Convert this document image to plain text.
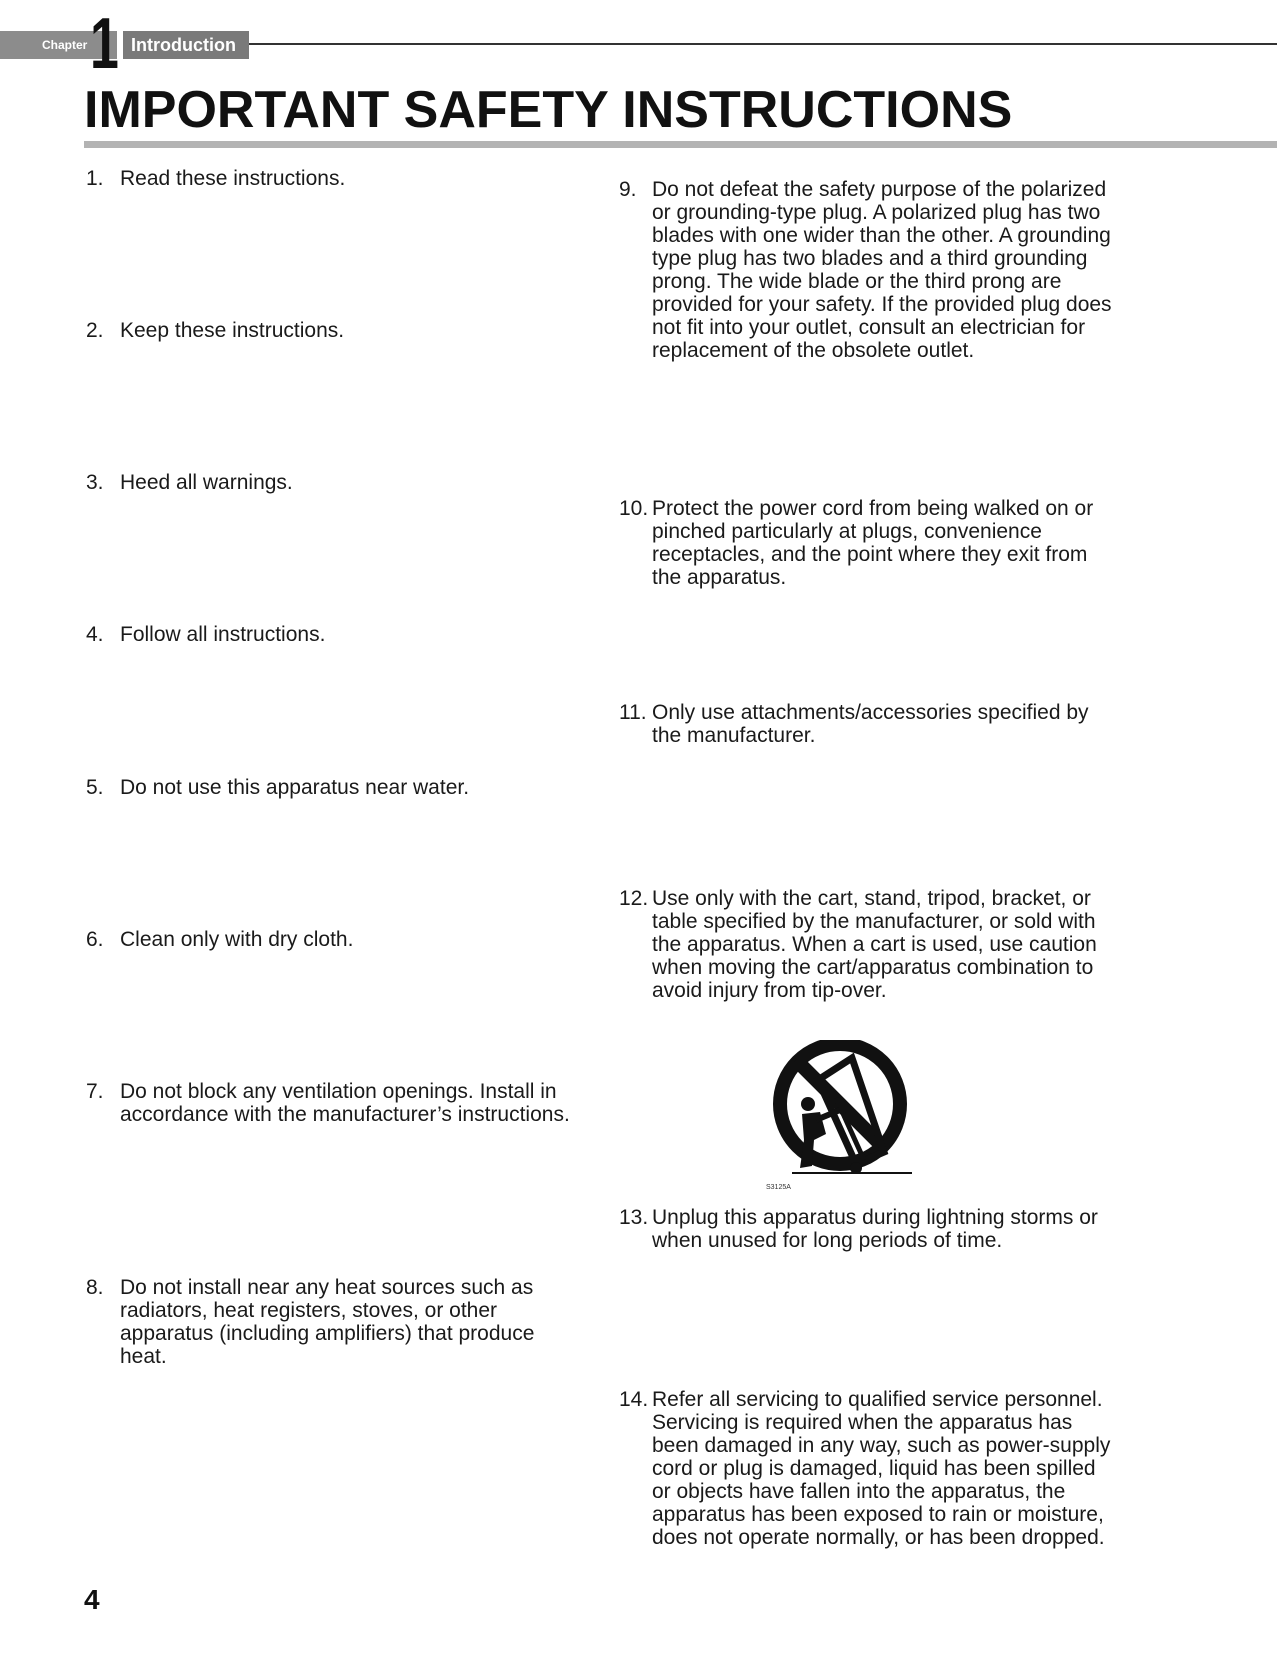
Chapter 1 Introduction
IMPORTANT SAFETY INSTRUCTIONS
1. Read these instructions.
2. Keep these instructions.
3. Heed all warnings.
4. Follow all instructions.
5. Do not use this apparatus near water.
6. Clean only with dry cloth.
7. Do not block any ventilation openings. Install in accordance with the manufacturer’s instructions.
8. Do not install near any heat sources such as radiators, heat registers, stoves, or other apparatus (including amplifiers) that produce heat.
9. Do not defeat the safety purpose of the polarized or grounding-type plug. A polarized plug has two blades with one wider than the other. A grounding type plug has two blades and a third grounding prong. The wide blade or the third prong are provided for your safety. If the provided plug does not fit into your outlet, consult an electrician for replacement of the obsolete outlet.
10. Protect the power cord from being walked on or pinched particularly at plugs, convenience receptacles, and the point where they exit from the apparatus.
11. Only use attachments/accessories specified by the manufacturer.
12. Use only with the cart, stand, tripod, bracket, or table specified by the manufacturer, or sold with the apparatus. When a cart is used, use caution when moving the cart/apparatus combination to avoid injury from tip-over.
S3125A
13. Unplug this apparatus during lightning storms or when unused for long periods of time.
14. Refer all servicing to qualified service personnel. Servicing is required when the apparatus has been damaged in any way, such as power-supply cord or plug is damaged, liquid has been spilled or objects have fallen into the apparatus, the apparatus has been exposed to rain or moisture, does not operate normally, or has been dropped.
4
